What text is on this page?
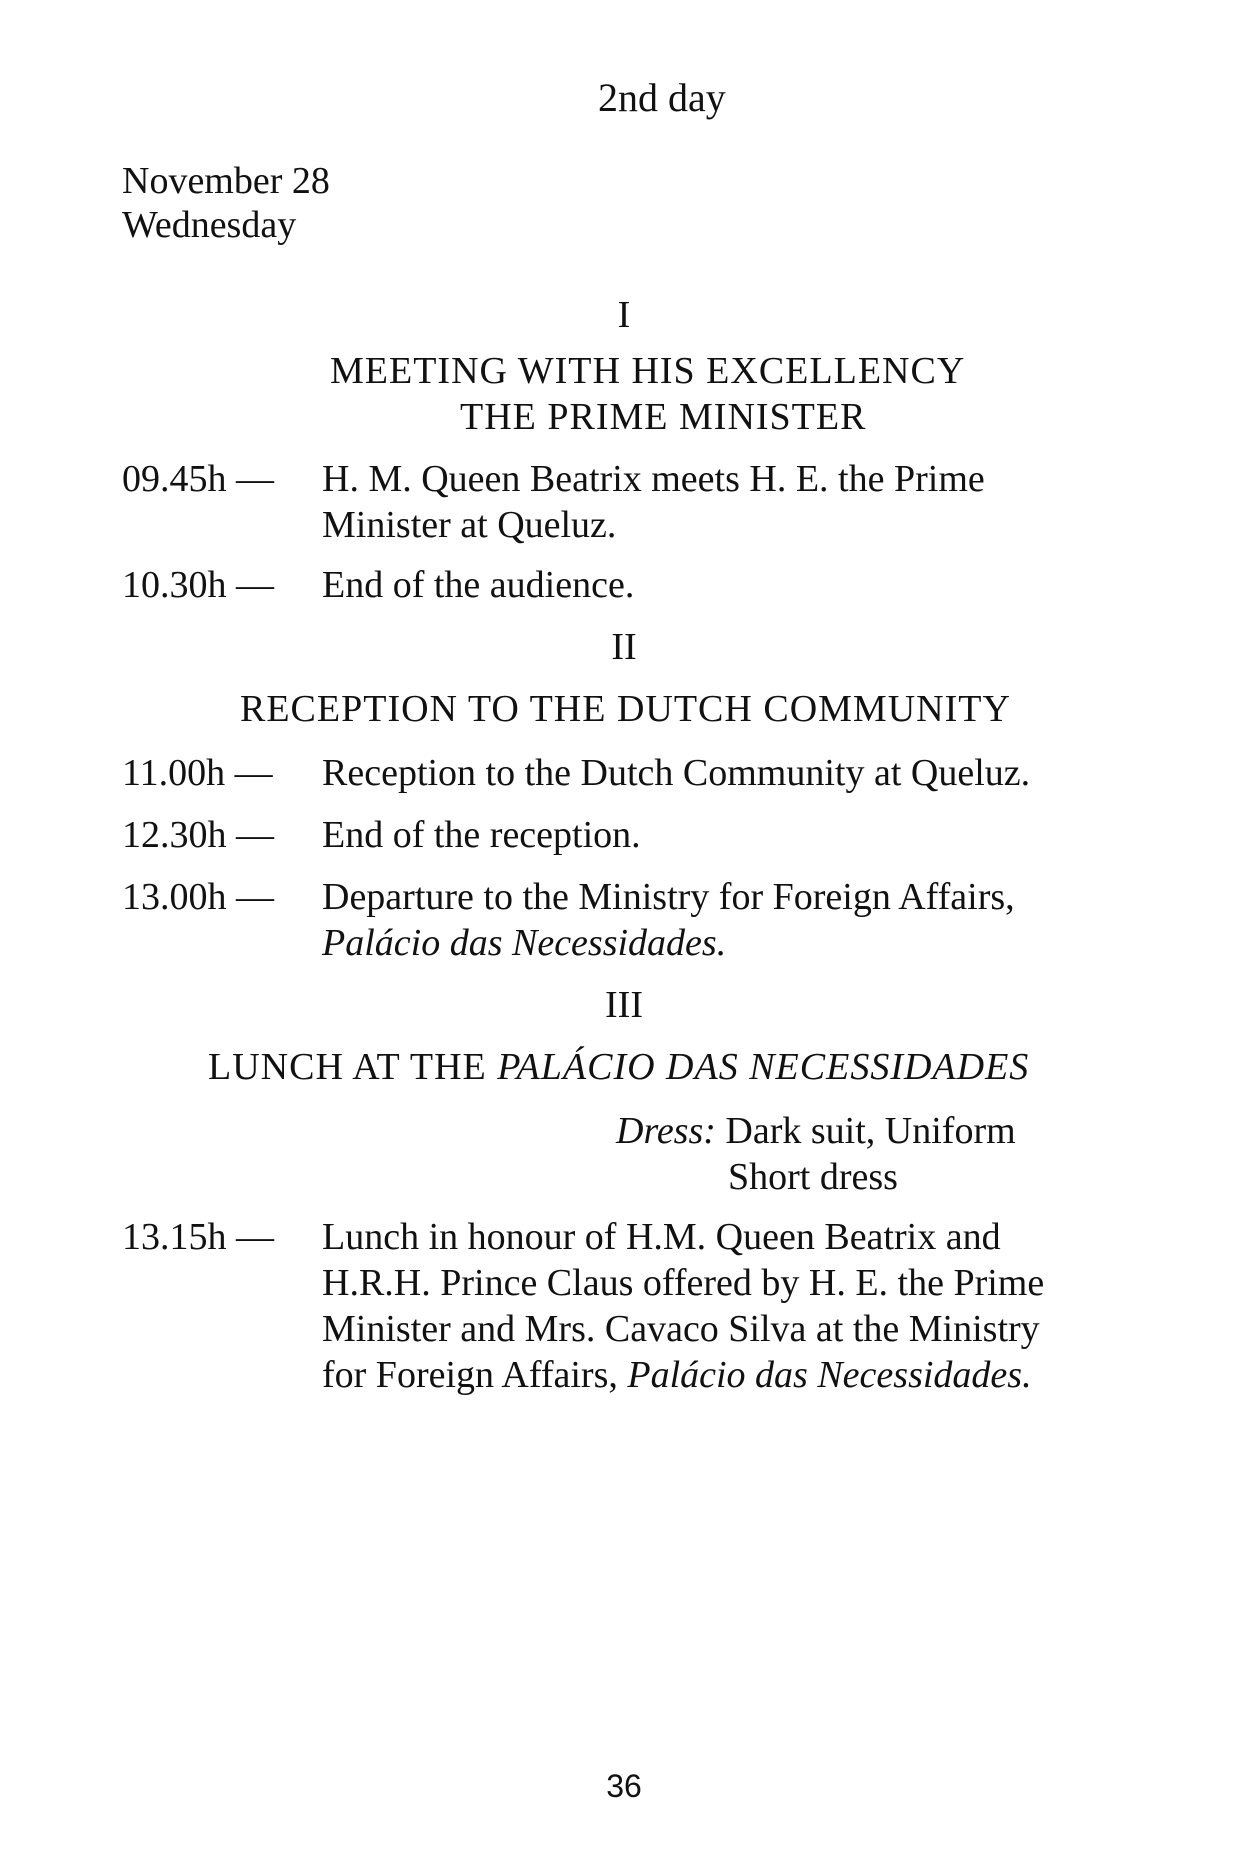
2nd day
November 28
Wednesday
I
MEETING WITH HIS EXCELLENCY
THE PRIME MINISTER
09.45h —	H. M. Queen Beatrix meets H. E. the Prime
Minister at Queluz.
10.30h —	End of the audience.
II
RECEPTION TO THE DUTCH COMMUNITY
11.00h —	Reception to the Dutch Community at Queluz.
12.30h —	End of the reception.
13.00h —	Departure to the Ministry for Foreign Affairs,
Palácio das Necessidades.
III
LUNCH AT THE PALÁCIO DAS NECESSIDADES
Dress: Dark suit, Uniform
Short dress
13.15h —	Lunch in honour of H.M. Queen Beatrix and
H.R.H. Prince Claus offered by H. E. the Prime
Minister and Mrs. Cavaco Silva at the Ministry
for Foreign Affairs, Palácio das Necessidades.
36
